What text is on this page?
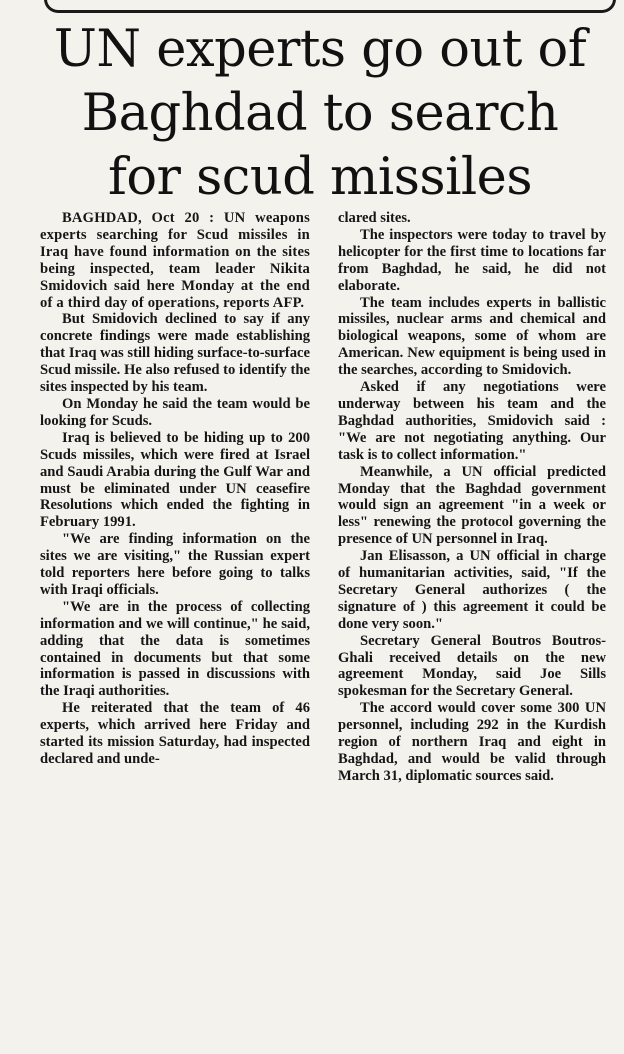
UN experts go out of
Baghdad to search
for scud missiles

BAGHDAD, Oct 20 : UN weapons experts searching for Scud missiles in Iraq have found information on the sites being inspected, team leader Nikita Smidovich said here Monday at the end of a third day of operations, reports AFP.

But Smidovich declined to say if any concrete findings were made establishing that Iraq was still hiding surface-to-surface Scud missile. He also refused to identify the sites inspected by his team.

On Monday he said the team would be looking for Scuds.

Iraq is believed to be hiding up to 200 Scuds missiles, which were fired at Israel and Saudi Arabia during the Gulf War and must be eliminated under UN ceasefire Resolutions which ended the fighting in February 1991.

"We are finding information on the sites we are visiting," the Russian expert told reporters here before going to talks with Iraqi officials.

"We are in the process of collecting information and we will continue," he said, adding that the data is sometimes contained in documents but that some information is passed in discussions with the Iraqi authorities.

He reiterated that the team of 46 experts, which arrived here Friday and started its mission Saturday, had inspected declared and unde-

clared sites.

The inspectors were today to travel by helicopter for the first time to locations far from Baghdad, he said, he did not elaborate.

The team includes experts in ballistic missiles, nuclear arms and chemical and biological weapons, some of whom are American. New equipment is being used in the searches, according to Smidovich.

Asked if any negotiations were underway between his team and the Baghdad authorities, Smidovich said : "We are not negotiating anything. Our task is to collect information."

Meanwhile, a UN official predicted Monday that the Baghdad government would sign an agreement "in a week or less" renewing the protocol governing the presence of UN personnel in Iraq.

Jan Elisasson, a UN official in charge of humanitarian activities, said, "If the Secretary General authorizes ( the signature of ) this agreement it could be done very soon."

Secretary General Boutros Boutros-Ghali received details on the new agreement Monday, said Joe Sills spokesman for the Secretary General.

The accord would cover some 300 UN personnel, including 292 in the Kurdish region of northern Iraq and eight in Baghdad, and would be valid through March 31, diplomatic sources said.
